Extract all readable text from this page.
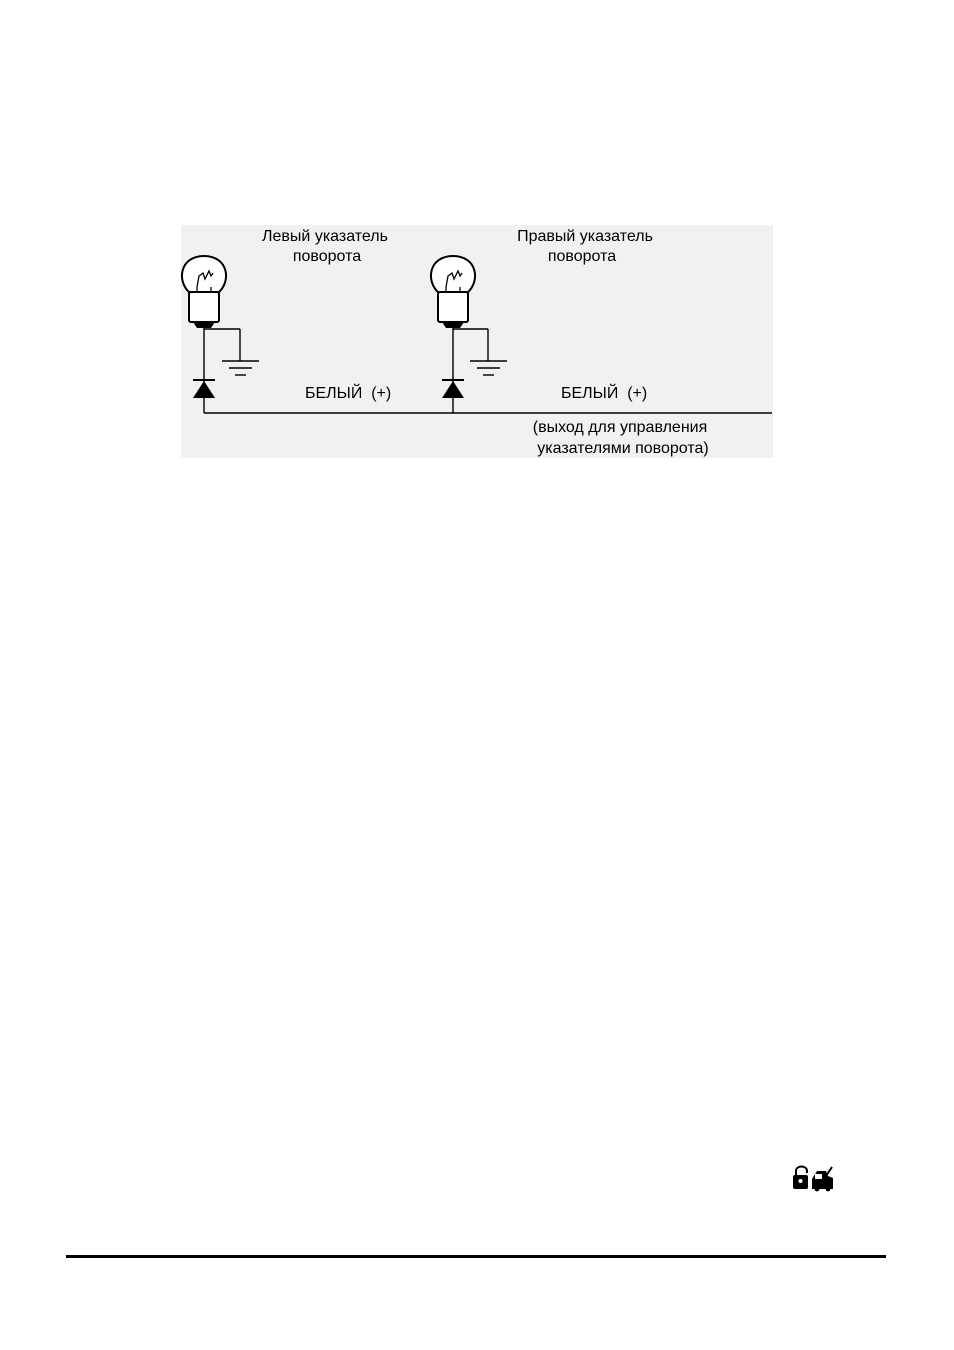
Левый указатель
поворота
Правый указатель
поворота
БЕЛЫЙ  (+)	БЕЛЫЙ  (+)
(выход для управления
указателями поворота)
